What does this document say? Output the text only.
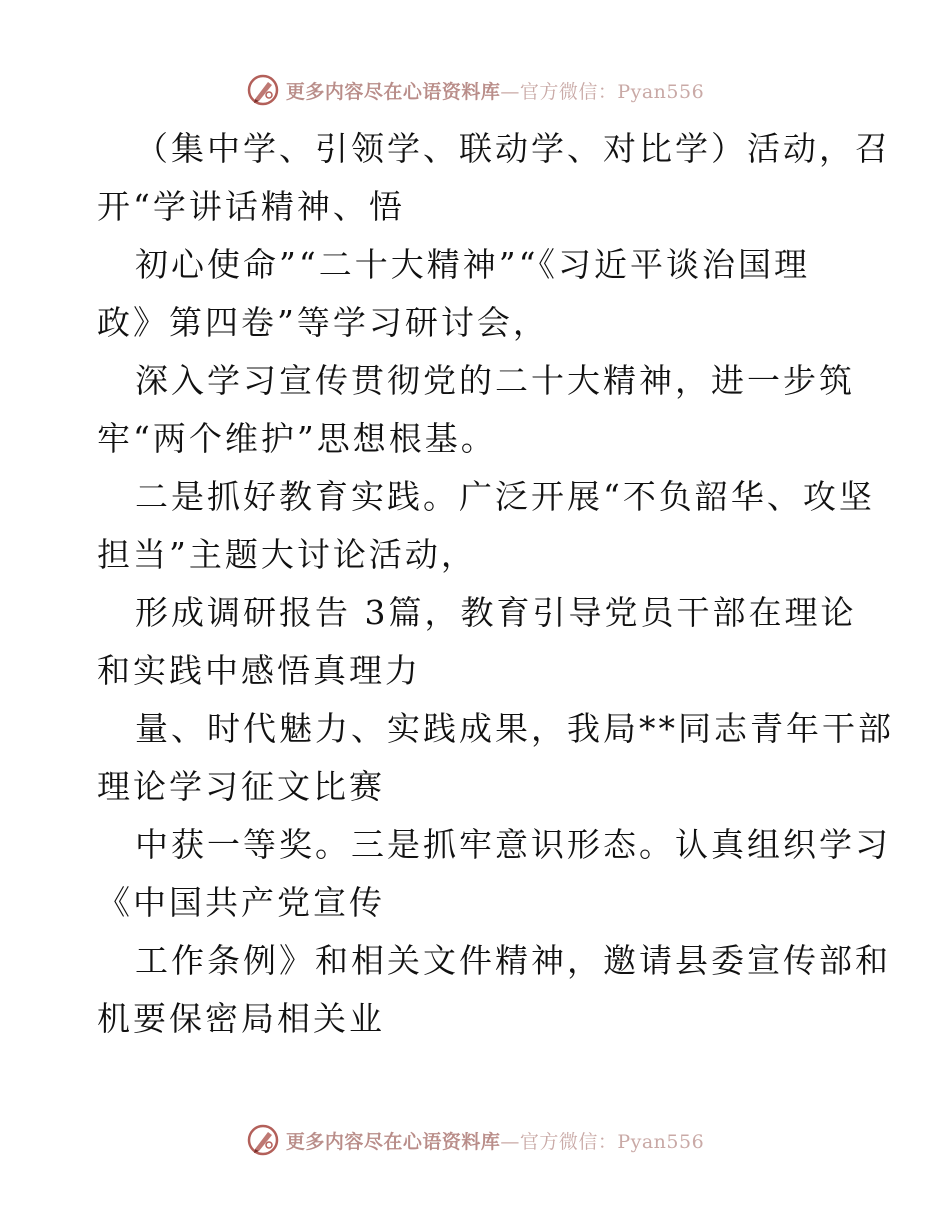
更多内容尽在心语资料库—官方微信：Pyan556
（集中学、引领学、联动学、对比学）活动，召
开“学讲话精神、悟
初心使命”“二十大精神”“《习近平谈治国理
政》第四卷”等学习研讨会，
深入学习宣传贯彻党的二十大精神，进一步筑
牢“两个维护”思想根基。
二是抓好教育实践。广泛开展“不负韶华、攻坚
担当”主题大讨论活动，
形成调研报告 3篇，教育引导党员干部在理论
和实践中感悟真理力
量、时代魅力、实践成果，我局**同志青年干部
理论学习征文比赛
中获一等奖。三是抓牢意识形态。认真组织学习
《中国共产党宣传
工作条例》和相关文件精神，邀请县委宣传部和
机要保密局相关业
更多内容尽在心语资料库—官方微信：Pyan556
